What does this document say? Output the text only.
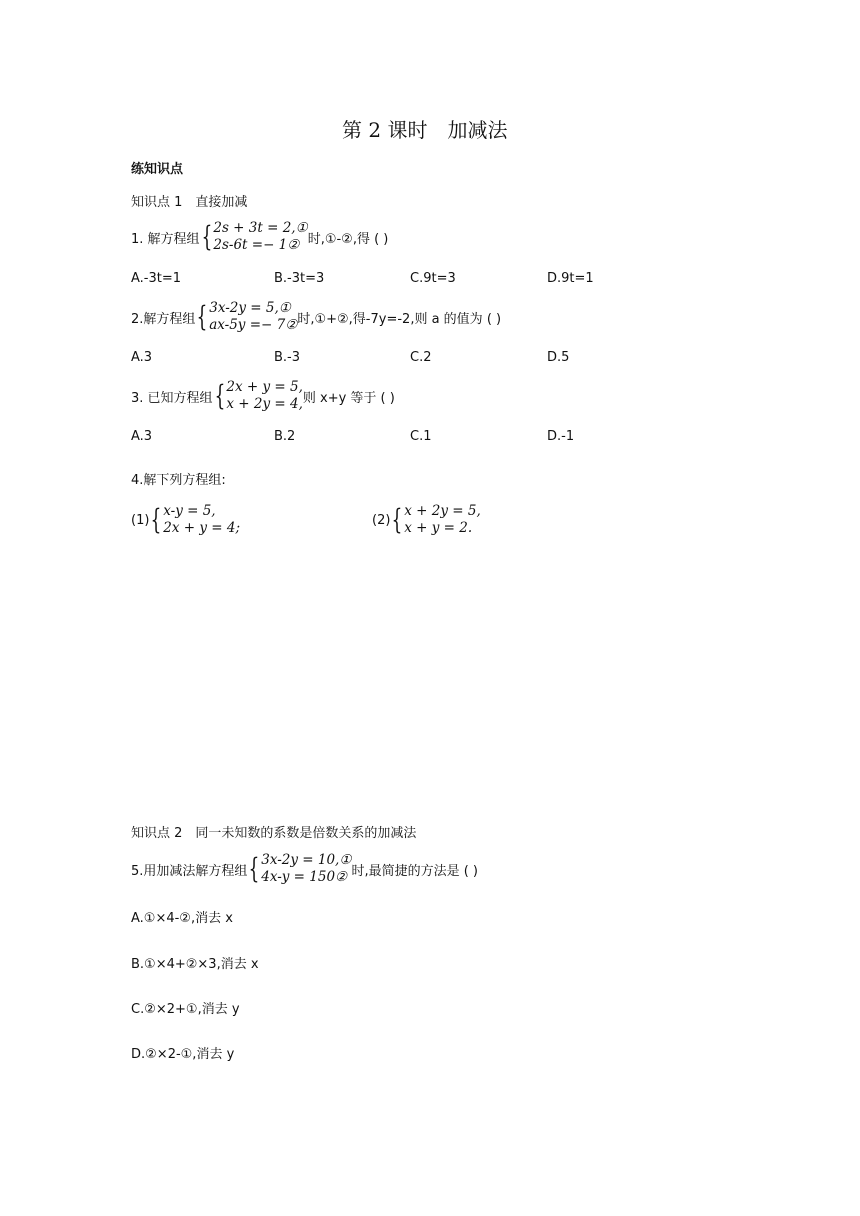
第 2 课时　加减法
练知识点
知识点 1　直接加减
1. 解方程组 { 2s + 3t = 2,①
2s-6t =− 1② 时,①-②,得 ( )
A.-3t=1	B.-3t=3	C.9t=3	D.9t=1
2.解方程组 { 3x-2y = 5,①
ax-5y =− 7② 时,①+②,得-7y=-2,则 a 的值为 ( )
A.3	B.-3	C.2	D.5
3. 已知方程组 { 2x + y = 5,
x + 2y = 4, 则 x+y 等于 ( )
A.3	B.2	C.1	D.-1
4.解下列方程组:
(1) { x-y = 5,
2x + y = 4;	(2) { x + 2y = 5,
x + y = 2.
知识点 2　同一未知数的系数是倍数关系的加减法
5.用加减法解方程组 { 3x-2y = 10,①
4x-y = 150② 时,最简捷的方法是 ( )
A.①×4-②,消去 x
B.①×4+②×3,消去 x
C.②×2+①,消去 y
D.②×2-①,消去 y
